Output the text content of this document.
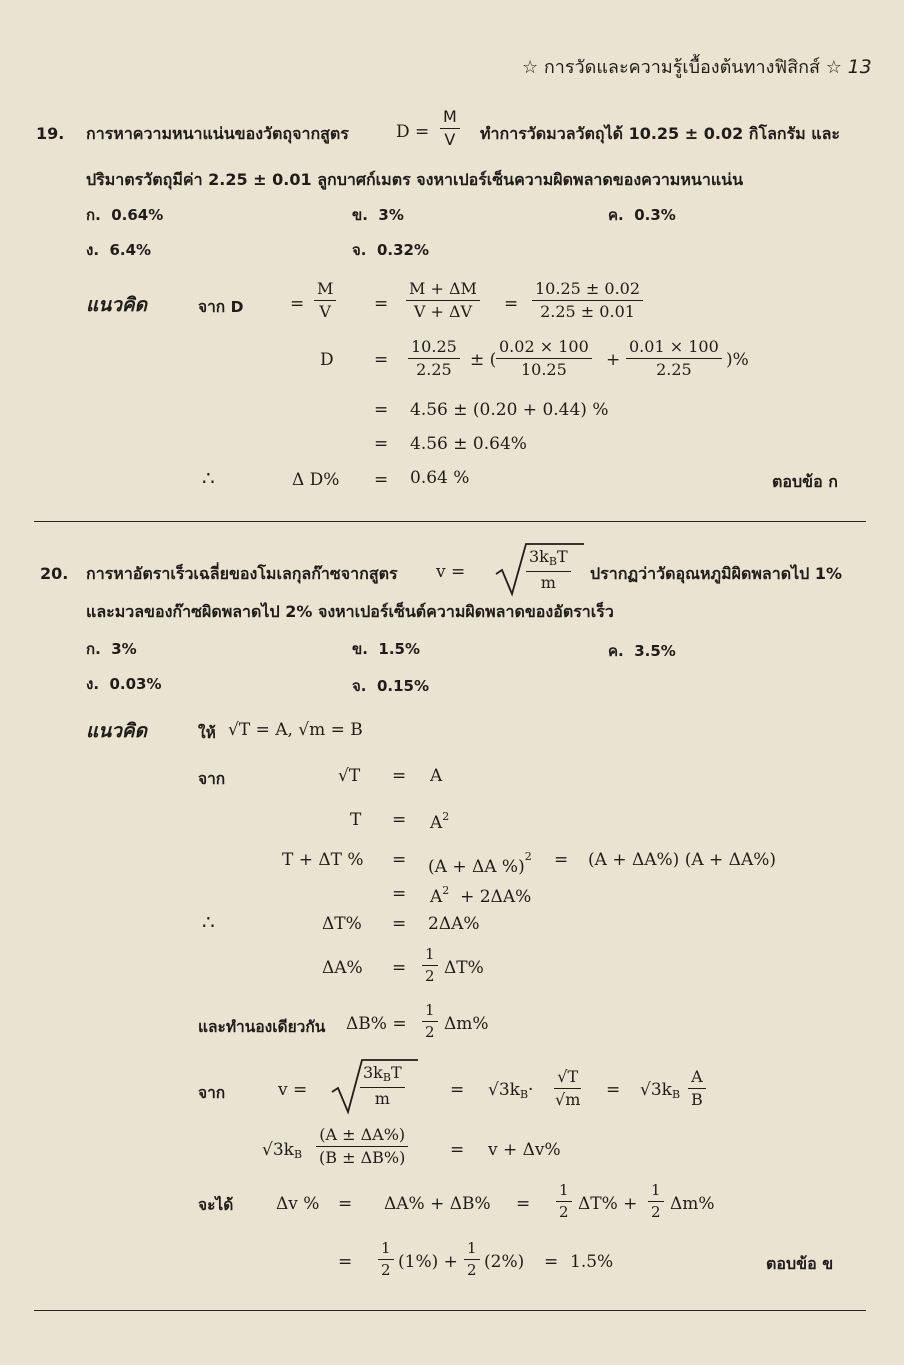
☆ การวัดและความรู้เบื้องต้นทางฟิสิกส์ ☆ 13
19. การหาความหนาแน่นของวัตถุจากสูตร	$D = \frac{M}{V}$ ทำการวัดมวลวัตถุได้ 10.25 ± 0.02 กิโลกรัม และ
ปริมาตรวัตถุมีค่า 2.25 ± 0.01 ลูกบาศก์เมตร จงหาเปอร์เซ็นความผิดพลาดของความหนาแน่น
ก. 0.64%	ข. 3%	ค. 0.3%
ง. 6.4%	จ. 0.32%
แนวคิด	จาก D	= $\frac{M}{V} = \frac{M + \Delta M}{V + \Delta V} = \frac{10.25 \pm 0.02}{2.25 \pm 0.01}$
$D = \frac{10.25}{2.25}$ ± ( $\frac{0.02 \times 100}{10.25} + \frac{0.01 \times 100}{2.25}$ )%
= 4.56 ± (0.20 + 0.44) %
= 4.56 ± 0.64%
∴	Δ D% = 0.64 %	ตอบข้อ ก
20. การหาอัตราเร็วเฉลี่ยของโมเลกุลก๊าซจากสูตร v =
$3k_BT$
m ปรากฏว่าวัดอุณหภูมิผิดพลาดไป 1%
และมวลของก๊าซผิดพลาดไป 2% จงหาเปอร์เซ็นต์ความผิดพลาดของอัตราเร็ว
ก. 3%	ข. 1.5%	ค. 3.5%
ง. 0.03%	จ. 0.15%
แนวคิด	ให้ √T = A, √m = B
จาก	√T = A
$T = A^2$
T + ΔT % = (A + ΔA %)$^2$ = (A + ΔA%) (A + ΔA%)
= $A^2 + 2\Delta A\%$
∴	ΔT% = 2ΔA%
$\Delta A\% = \frac{1}{2} \Delta T\%$
และทำนองเดียวกัน $\Delta B\% = \frac{1}{2} \Delta m\%$
จาก	v =
$3k_BT$
m	= $√3k_B\cdot \frac{√T}{√m} = √3k_B \frac{A}{B}$
$√3k_B \frac{(A \pm \Delta A\%)}{(B \pm \Delta B\%)} = v + \Delta v\%$
จะได้	Δv % = $\Delta A\% + \Delta B\% = \frac{1}{2} \Delta T\% + \frac{1}{2} \Delta m\%$
= $\frac{1}{2} (1\%) + \frac{1}{2} (2\%) = 1.5\%$	ตอบข้อ ข
